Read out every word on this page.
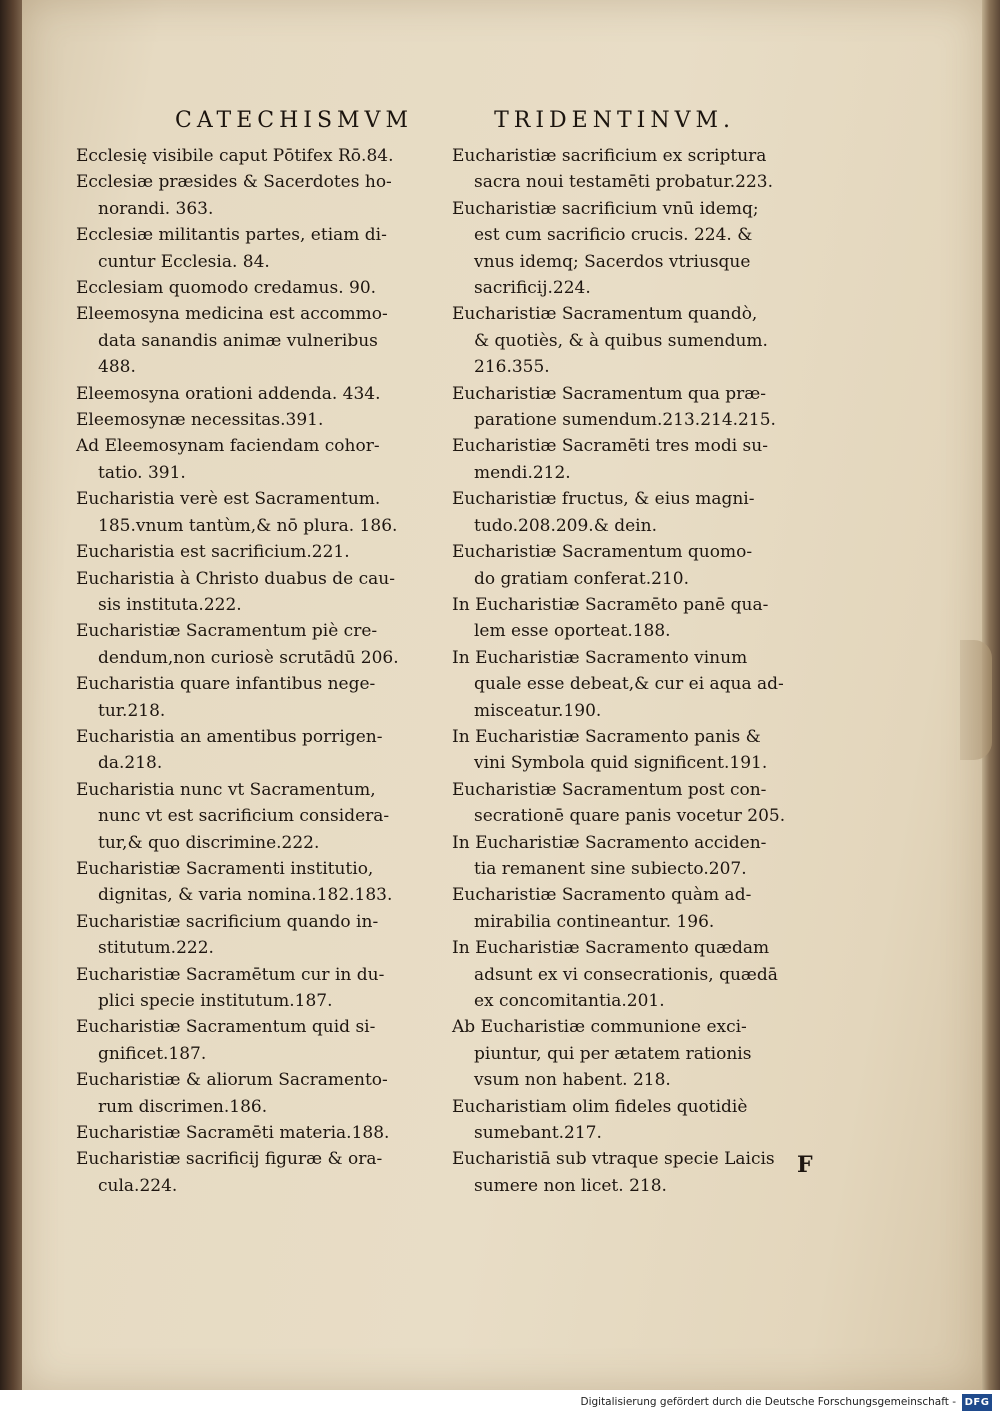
CATECHISMVM	TRIDENTINVM.

Ecclesię visibile caput Pōtifex Rō.84.

Ecclesiæ præsides & Sacerdotes ho-
norandi. 363.

Ecclesiæ militantis partes, etiam di-
cuntur Ecclesia. 84.

Ecclesiam quomodo credamus. 90.

Eleemosyna medicina est accommo-
data sanandis animæ vulneribus
488.

Eleemosyna orationi addenda. 434.

Eleemosynæ necessitas.391.

Ad Eleemosynam faciendam cohor-
tatio. 391.

Eucharistia verè est Sacramentum.
185.vnum tantùm,& nō plura. 186.

Eucharistia est sacrificium.221.

Eucharistia à Christo duabus de cau-
sis instituta.222.

Eucharistiæ Sacramentum piè cre-
dendum,non curiosè scrutādū 206.

Eucharistia quare infantibus nege-
tur.218.

Eucharistia an amentibus porrigen-
da.218.

Eucharistia nunc vt Sacramentum,
nunc vt est sacrificium considera-
tur,& quo discrimine.222.

Eucharistiæ Sacramenti institutio,
dignitas, & varia nomina.182.183.

Eucharistiæ sacrificium quando in-
stitutum.222.

Eucharistiæ Sacramētum cur in du-
plici specie institutum.187.

Eucharistiæ Sacramentum quid si-
gnificet.187.

Eucharistiæ & aliorum Sacramento-
rum discrimen.186.

Eucharistiæ Sacramēti materia.188.

Eucharistiæ sacrificij figuræ & ora-
cula.224.

Eucharistiæ sacrificium ex scriptura
sacra noui testamēti probatur.223.

Eucharistiæ sacrificium vnū idemq;
est cum sacrificio crucis. 224. &
vnus idemq; Sacerdos vtriusque
sacrificij.224.

Eucharistiæ Sacramentum quandò,
& quotiès, & à quibus sumendum.
216.355.

Eucharistiæ Sacramentum qua præ-
paratione sumendum.213.214.215.

Eucharistiæ Sacramēti tres modi su-
mendi.212.

Eucharistiæ fructus, & eius magni-
tudo.208.209.& dein.

Eucharistiæ Sacramentum quomo-
do gratiam conferat.210.

In Eucharistiæ Sacramēto panē qua-
lem esse oporteat.188.

In Eucharistiæ Sacramento vinum
quale esse debeat,& cur ei aqua ad-
misceatur.190.

In Eucharistiæ Sacramento panis &
vini Symbola quid significent.191.

Eucharistiæ Sacramentum post con-
secrationē quare panis vocetur 205.

In Eucharistiæ Sacramento acciden-
tia remanent sine subiecto.207.

Eucharistiæ Sacramento quàm ad-
mirabilia contineantur. 196.

In Eucharistiæ Sacramento quædam
adsunt ex vi consecrationis, quædā
ex concomitantia.201.

Ab Eucharistiæ communione exci-
piuntur, qui per ætatem rationis
vsum non habent. 218.

Eucharistiam olim fideles quotidiè
sumebant.217.

Eucharistiā sub vtraque specie Laicis
sumere non licet. 218.

F
Digitalisierung gefördert durch die Deutsche Forschungsgemeinschaft - DFG
